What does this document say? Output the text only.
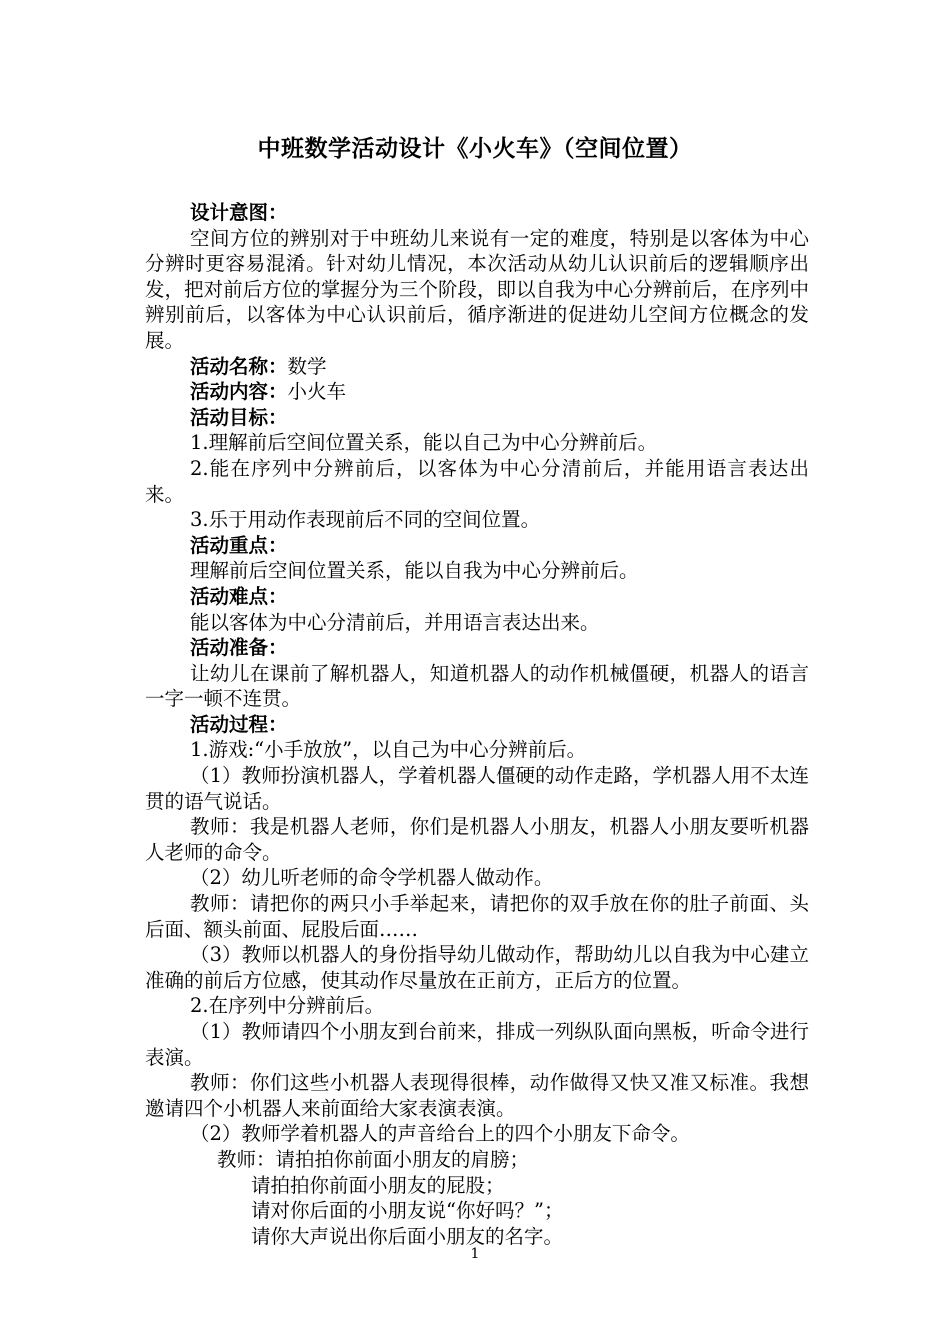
中班数学活动设计《小火车》（空间位置）

设计意图：

空间方位的辨别对于中班幼儿来说有一定的难度，特别是以客体为中心分辨时更容易混淆。针对幼儿情况，本次活动从幼儿认识前后的逻辑顺序出发，把对前后方位的掌握分为三个阶段，即以自我为中心分辨前后，在序列中辨别前后，以客体为中心认识前后，循序渐进的促进幼儿空间方位概念的发展。

活动名称：数学

活动内容：小火车

活动目标：

1.理解前后空间位置关系，能以自己为中心分辨前后。

2.能在序列中分辨前后，以客体为中心分清前后，并能用语言表达出来。

3.乐于用动作表现前后不同的空间位置。

活动重点：

理解前后空间位置关系，能以自我为中心分辨前后。

活动难点：

能以客体为中心分清前后，并用语言表达出来。

活动准备：

让幼儿在课前了解机器人，知道机器人的动作机械僵硬，机器人的语言一字一顿不连贯。

活动过程：

1.游戏:“小手放放”，以自己为中心分辨前后。

（1）教师扮演机器人，学着机器人僵硬的动作走路，学机器人用不太连贯的语气说话。

教师：我是机器人老师，你们是机器人小朋友，机器人小朋友要听机器人老师的命令。

（2）幼儿听老师的命令学机器人做动作。

教师：请把你的两只小手举起来，请把你的双手放在你的肚子前面、头后面、额头前面、屁股后面……

（3）教师以机器人的身份指导幼儿做动作，帮助幼儿以自我为中心建立准确的前后方位感，使其动作尽量放在正前方，正后方的位置。

2.在序列中分辨前后。

（1）教师请四个小朋友到台前来，排成一列纵队面向黑板，听命令进行表演。

教师：你们这些小机器人表现得很棒，动作做得又快又准又标准。我想邀请四个小机器人来前面给大家表演表演。

（2）教师学着机器人的声音给台上的四个小朋友下命令。

教师：请拍拍你前面小朋友的肩膀；

请拍拍你前面小朋友的屁股；

请对你后面的小朋友说“你好吗？”；

请你大声说出你后面小朋友的名字。

1
